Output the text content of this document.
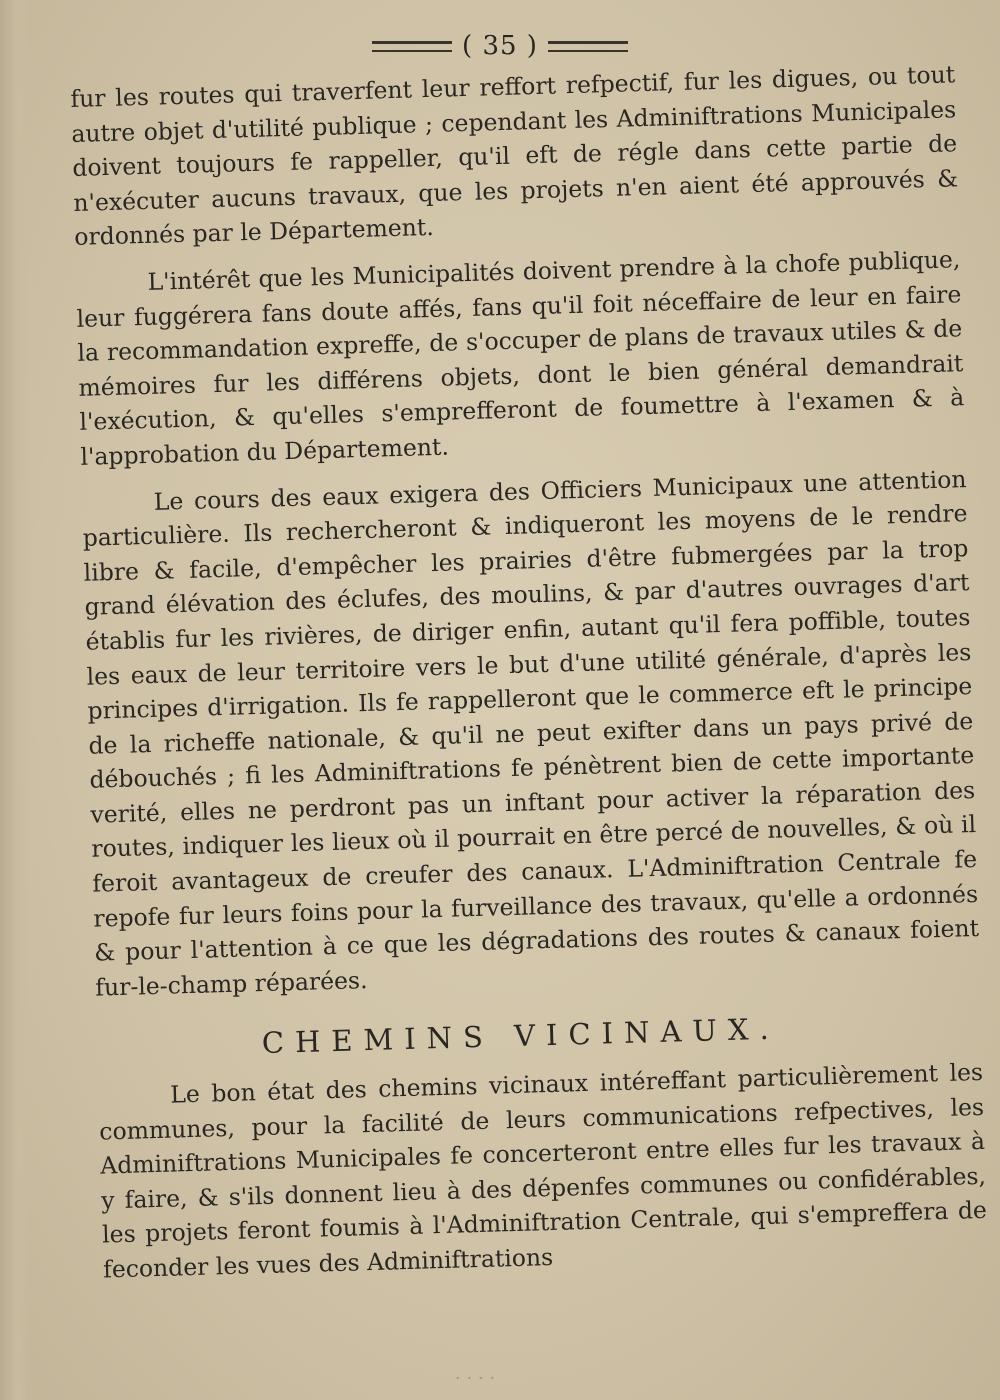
( 35 )

fur les routes qui traverfent leur reffort refpectif, fur les digues, ou tout autre objet d'utilité publique ; cependant les Adminiftrations Municipales doivent toujours fe rappeller, qu'il eft de régle dans cette partie de n'exécuter aucuns travaux, que les projets n'en aient été approuvés & ordonnés par le Département.

L'intérêt que les Municipalités doivent prendre à la chofe publique, leur fuggérera fans doute affés, fans qu'il foit néceffaire de leur en faire la recommandation expreffe, de s'occuper de plans de travaux utiles & de mémoires fur les différens objets, dont le bien général demandrait l'exécution, & qu'elles s'emprefferont de foumettre à l'examen & à l'approbation du Département.

Le cours des eaux exigera des Officiers Municipaux une attention particulière. Ils rechercheront & indiqueront les moyens de le rendre libre & facile, d'empêcher les prairies d'être fubmergées par la trop grand élévation des éclufes, des moulins, & par d'autres ouvrages d'art établis fur les rivières, de diriger enfin, autant qu'il fera poffible, toutes les eaux de leur territoire vers le but d'une utilité générale, d'après les principes d'irrigation. Ils fe rappelleront que le commerce eft le principe de la richeffe nationale, & qu'il ne peut exifter dans un pays privé de débouchés ; fi les Adminiftrations fe pénètrent bien de cette importante verité, elles ne perdront pas un inftant pour activer la réparation des routes, indiquer les lieux où il pourrait en être percé de nouvelles, & où il feroit avantageux de creufer des canaux. L'Adminiftration Centrale fe repofe fur leurs foins pour la furveillance des travaux, qu'elle a ordonnés & pour l'attention à ce que les dégradations des routes & canaux foient fur-le-champ réparées.

CHEMINS VICINAUX.

Le bon état des chemins vicinaux intéreffant particulièrement les communes, pour la facilité de leurs communications refpectives, les Adminiftrations Municipales fe concerteront entre elles fur les travaux à y faire, & s'ils donnent lieu à des dépenfes communes ou confidérables, les projets feront foumis à l'Adminiftration Centrale, qui s'empreffera de feconder les vues des Adminiftrations

· · · ·
